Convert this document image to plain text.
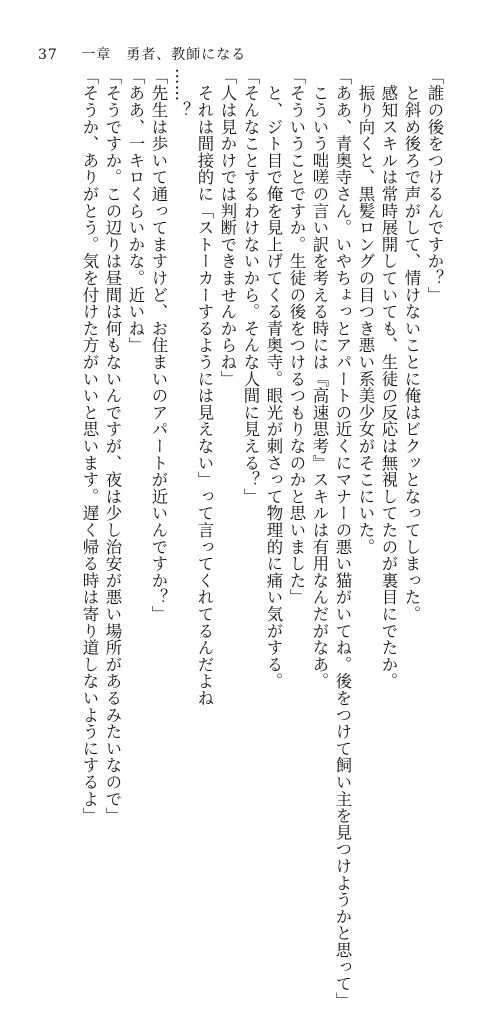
37 一章　勇者、教師になる
「誰の後をつけるんですか？」
　と斜め後ろで声がして、情けないことに俺はビクッとなってしまった。
　感知スキルは常時展開していても、生徒の反応は無視してたのが裏目にでたか。
　振り向くと、黒髪ロングの目つき悪い系美少女がそこにいた。
「ああ、青奥寺さん。いやちょっとアパートの近くにマナーの悪い猫がいてね。後をつけて飼い主を見つけようかと思って」
　こういう咄嗟の言い訳を考える時には『高速思考』スキルは有用なんだがなあ。
「そういうことですか。生徒の後をつけるつもりなのかと思いました」
　と、ジト目で俺を見上げてくる青奥寺。眼光が刺さって物理的に痛い気がする。
「そんなことするわけないから。そんな人間に見える？」
「人は見かけでは判断できませんからね」
　それは間接的に「ストーカーするようには見えない」って言ってくれてるんだよね
……？
「先生は歩いて通ってますけど、お住まいのアパートが近いんですか？」
「ああ、一キロくらいかな。近いね」
「そうですか。この辺りは昼間は何もないんですが、夜は少し治安が悪い場所があるみたいなので」
「そうか、ありがとう。気を付けた方がいいと思います。遅く帰る時は寄り道しないようにするよ」
